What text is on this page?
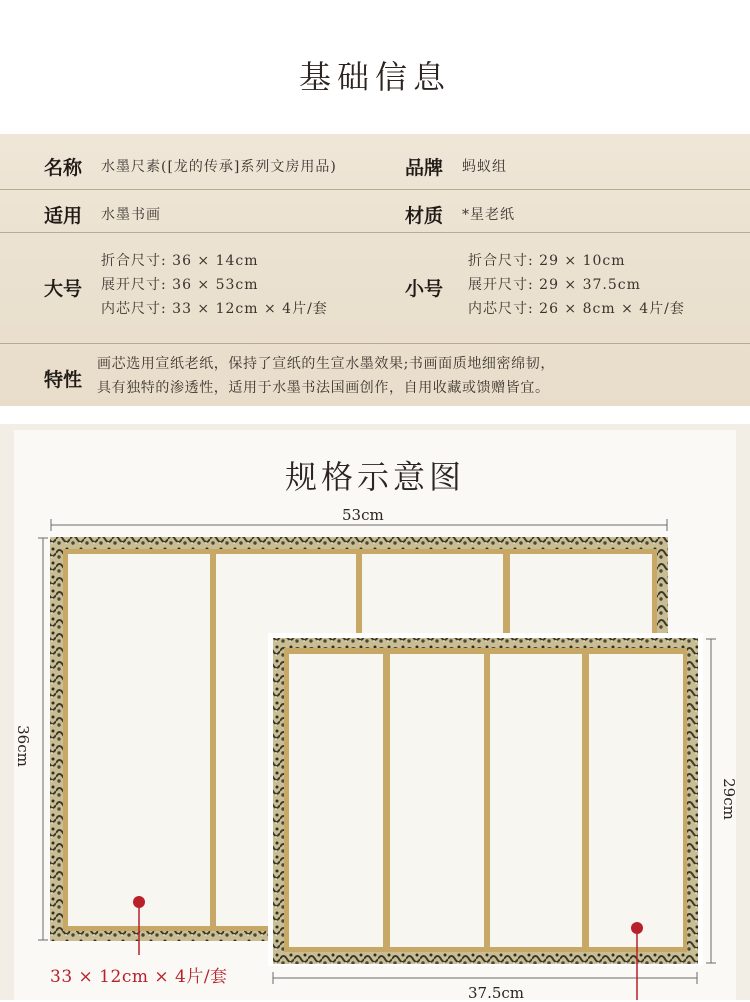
基础信息
名称 水墨尺素([龙的传承]系列文房用品)	品牌 蚂蚁组
适用 水墨书画	材质 *星老纸
大号
折合尺寸: 36 × 14cm
展开尺寸: 36 × 53cm
内芯尺寸: 33 × 12cm × 4片/套
小号
折合尺寸: 29 × 10cm
展开尺寸: 29 × 37.5cm
内芯尺寸: 26 × 8cm × 4片/套
特性
画芯选用宣纸老纸，保持了宣纸的生宣水墨效果;书画面质地细密绵韧，
具有独特的渗透性，适用于水墨书法国画创作，自用收藏或馈赠皆宜。
规格示意图
53cm
36cm
29cm
37.5cm
33 × 12cm × 4片/套
